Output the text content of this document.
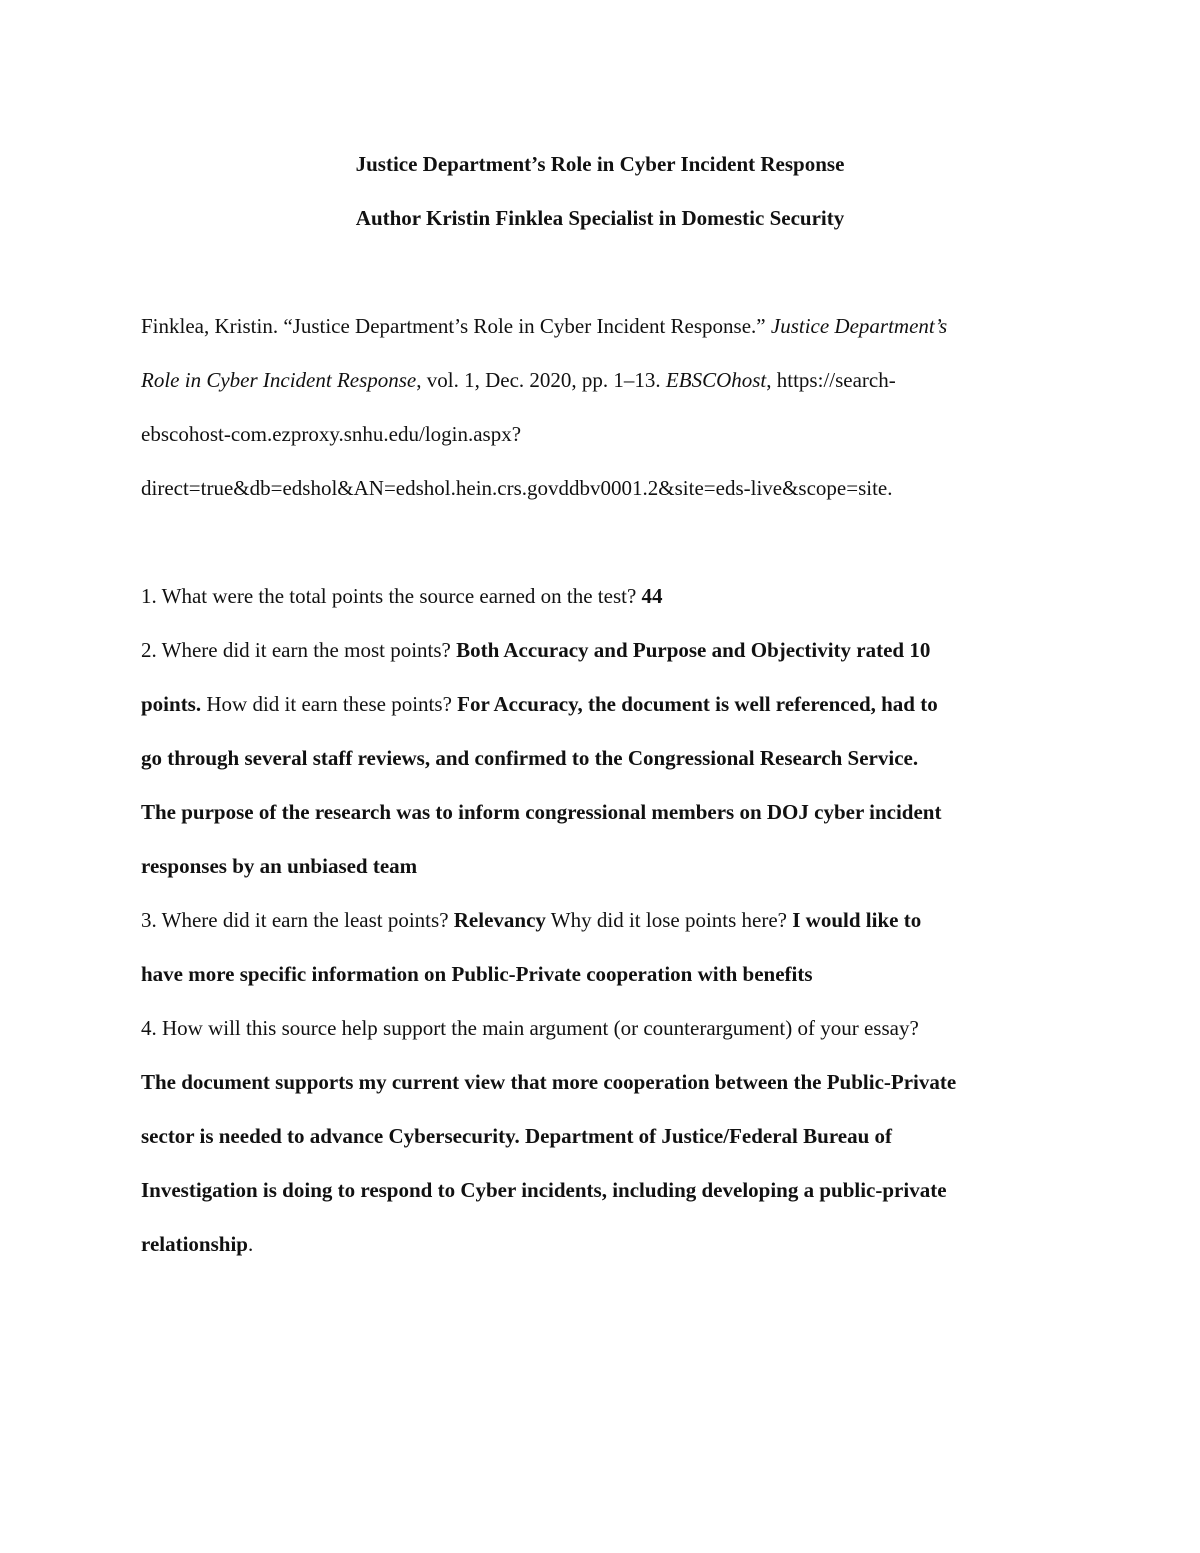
Justice Department’s Role in Cyber Incident Response
Author Kristin Finklea Specialist in Domestic Security
Finklea, Kristin. “Justice Department’s Role in Cyber Incident Response.” Justice Department’s
Role in Cyber Incident Response, vol. 1, Dec. 2020, pp. 1–13. EBSCOhost, https://search-
ebscohost-com.ezproxy.snhu.edu/login.aspx?
direct=true&db=edshol&AN=edshol.hein.crs.govddbv0001.2&site=eds-live&scope=site.
1. What were the total points the source earned on the test? 44
2. Where did it earn the most points? Both Accuracy and Purpose and Objectivity rated 10
points. How did it earn these points? For Accuracy, the document is well referenced, had to
go through several staff reviews, and confirmed to the Congressional Research Service.
The purpose of the research was to inform congressional members on DOJ cyber incident
responses by an unbiased team
3. Where did it earn the least points? Relevancy Why did it lose points here? I would like to
have more specific information on Public-Private cooperation with benefits
4. How will this source help support the main argument (or counterargument) of your essay?
The document supports my current view that more cooperation between the Public-Private
sector is needed to advance Cybersecurity. Department of Justice/Federal Bureau of
Investigation is doing to respond to Cyber incidents, including developing a public-private
relationship.
